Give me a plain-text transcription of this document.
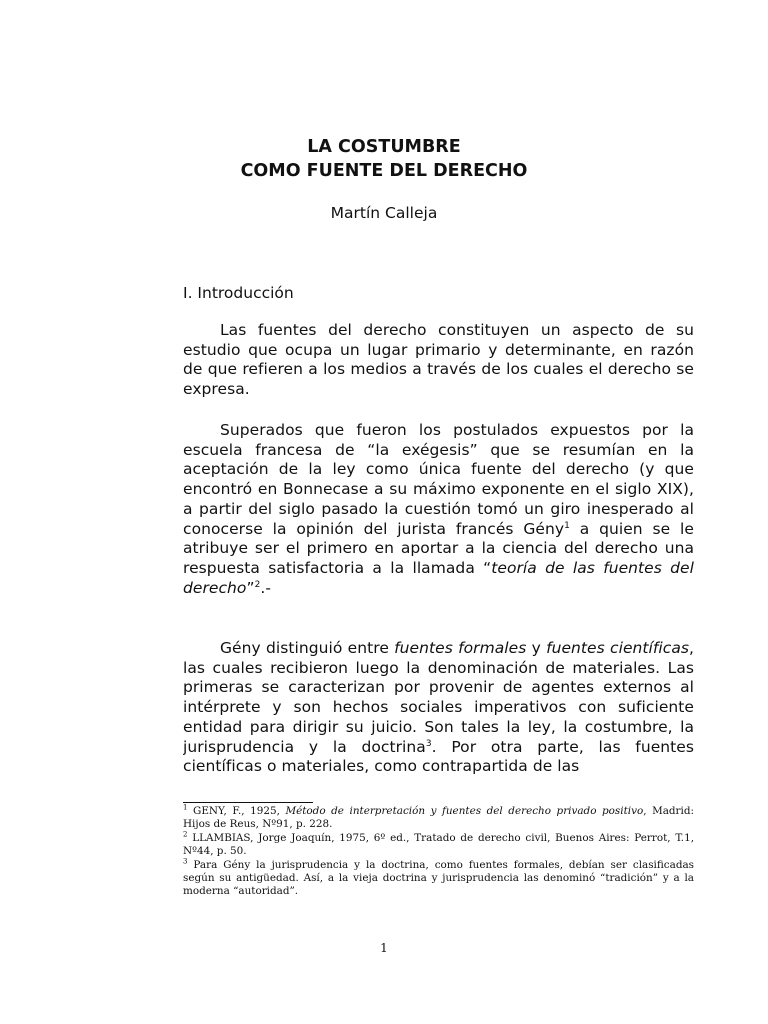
LA COSTUMBRE
COMO FUENTE DEL DERECHO
Martín Calleja
I. Introducción

Las fuentes del derecho constituyen un aspecto de su estudio que ocupa un lugar primario y determinante, en razón de que refieren a los medios a través de los cuales el derecho se expresa.

Superados que fueron los postulados expuestos por la escuela francesa de “la exégesis” que se resumían en la aceptación de la ley como única fuente del derecho (y que encontró en Bonnecase a su máximo exponente en el siglo XIX), a partir del siglo pasado la cuestión tomó un giro inesperado al conocerse la opinión del jurista francés Gény$^1$ a quien se le atribuye ser el primero en aportar a la ciencia del derecho una respuesta satisfactoria a la llamada “teoría de las fuentes del derecho”$^2$.-

Gény distinguió entre fuentes formales y fuentes científicas, las cuales recibieron luego la denominación de materiales. Las primeras se caracterizan por provenir de agentes externos al intérprete y son hechos sociales imperativos con suficiente entidad para dirigir su juicio. Son tales la ley, la costumbre, la jurisprudencia y la doctrina$^3$. Por otra parte, las fuentes científicas o materiales, como contrapartida de las

$^1$ GENY, F., 1925, Método de interpretación y fuentes del derecho privado positivo, Madrid: Hijos de Reus, Nº91, p. 228.

$^2$ LLAMBIAS, Jorge Joaquín, 1975, 6º ed., Tratado de derecho civil, Buenos Aires: Perrot, T.1, Nº44, p. 50.

$^3$ Para Gény la jurisprudencia y la doctrina, como fuentes formales, debían ser clasificadas según su antigüedad. Así, a la vieja doctrina y jurisprudencia las denominó “tradición” y a la moderna “autoridad”.

1
